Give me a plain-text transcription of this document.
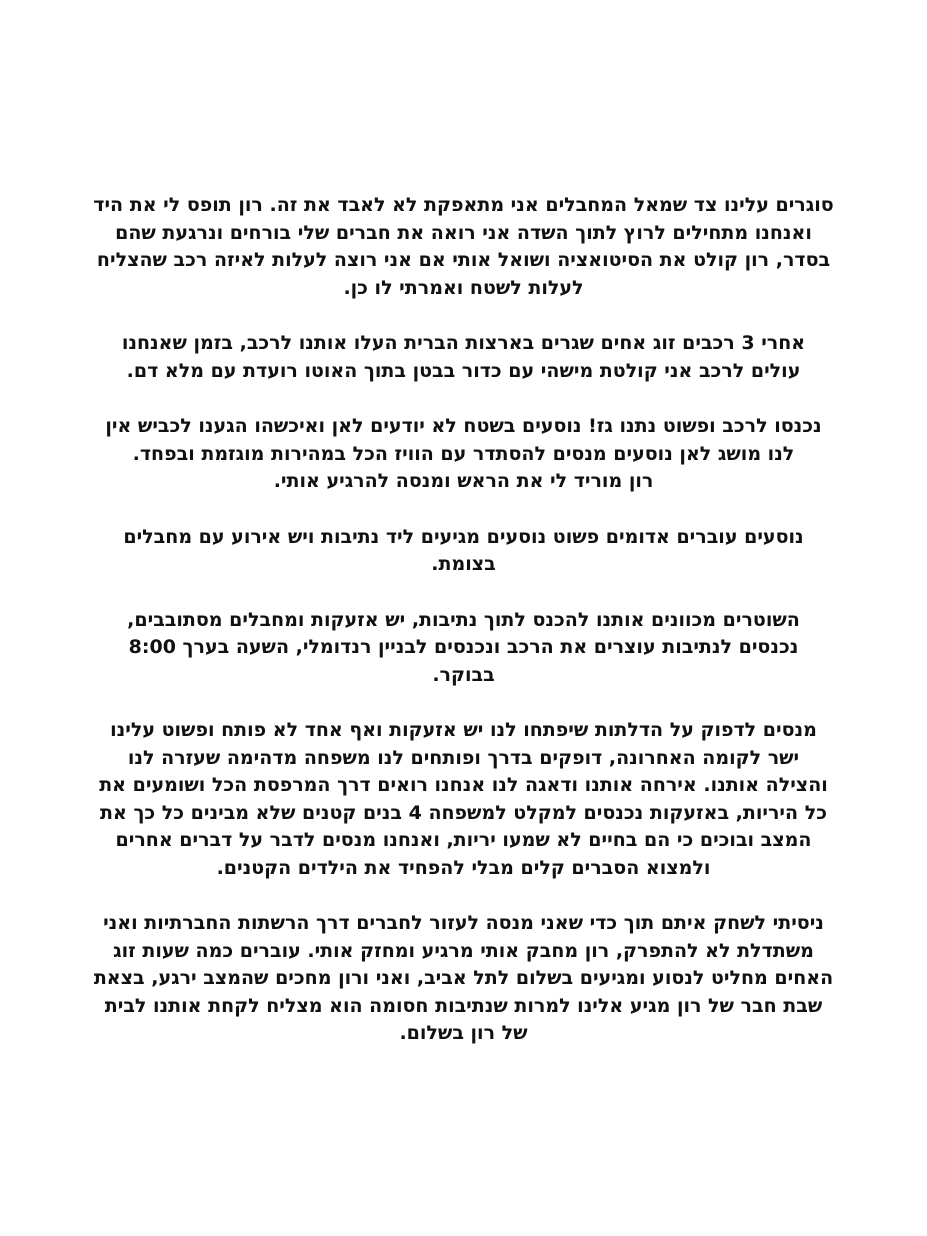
סוגרים עלינו צד שמאל המחבלים אני מתאפקת לא לאבד את זה. רון תופס לי את היד
ואנחנו מתחילים לרוץ לתוך השדה אני רואה את חברים שלי בורחים ונרגעת שהם
בסדר, רון קולט את הסיטואציה ושואל אותי אם אני רוצה לעלות לאיזה רכב שהצליח
לעלות לשטח ואמרתי לו כן.

אחרי 3 רכבים זוג אחים שגרים בארצות הברית העלו אותנו לרכב, בזמן שאנחנו
עולים לרכב אני קולטת מישהי עם כדור בבטן בתוך האוטו רועדת עם מלא דם.

נכנסו לרכב ופשוט נתנו גז! נוסעים בשטח לא יודעים לאן ואיכשהו הגענו לכביש אין
לנו מושג לאן נוסעים מנסים להסתדר עם הוויז הכל במהירות מוגזמת ובפחד.
רון מוריד לי את הראש ומנסה להרגיע אותי.

נוסעים עוברים אדומים פשוט נוסעים מגיעים ליד נתיבות ויש אירוע עם מחבלים
בצומת.

השוטרים מכוונים אותנו להכנס לתוך נתיבות, יש אזעקות ומחבלים מסתובבים,
נכנסים לנתיבות עוצרים את הרכב ונכנסים לבניין רנדומלי, השעה בערך 8:00
בבוקר.

מנסים לדפוק על הדלתות שיפתחו לנו יש אזעקות ואף אחד לא פותח ופשוט עלינו
ישר לקומה האחרונה, דופקים בדרך ופותחים לנו משפחה מדהימה שעזרה לנו
והצילה אותנו. אירחה אותנו ודאגה לנו אנחנו רואים דרך המרפסת הכל ושומעים את
כל היריות, באזעקות נכנסים למקלט למשפחה 4 בנים קטנים שלא מבינים כל כך את
המצב ובוכים כי הם בחיים לא שמעו יריות, ואנחנו מנסים לדבר על דברים אחרים
ולמצוא הסברים קלים מבלי להפחיד את הילדים הקטנים.

ניסיתי לשחק איתם תוך כדי שאני מנסה לעזור לחברים דרך הרשתות החברתיות ואני
משתדלת לא להתפרק, רון מחבק אותי מרגיע ומחזק אותי. עוברים כמה שעות זוג
האחים מחליט לנסוע ומגיעים בשלום לתל אביב, ואני ורון מחכים שהמצב ירגע, בצאת
שבת חבר של רון מגיע אלינו למרות שנתיבות חסומה הוא מצליח לקחת אותנו לבית
של רון בשלום.
